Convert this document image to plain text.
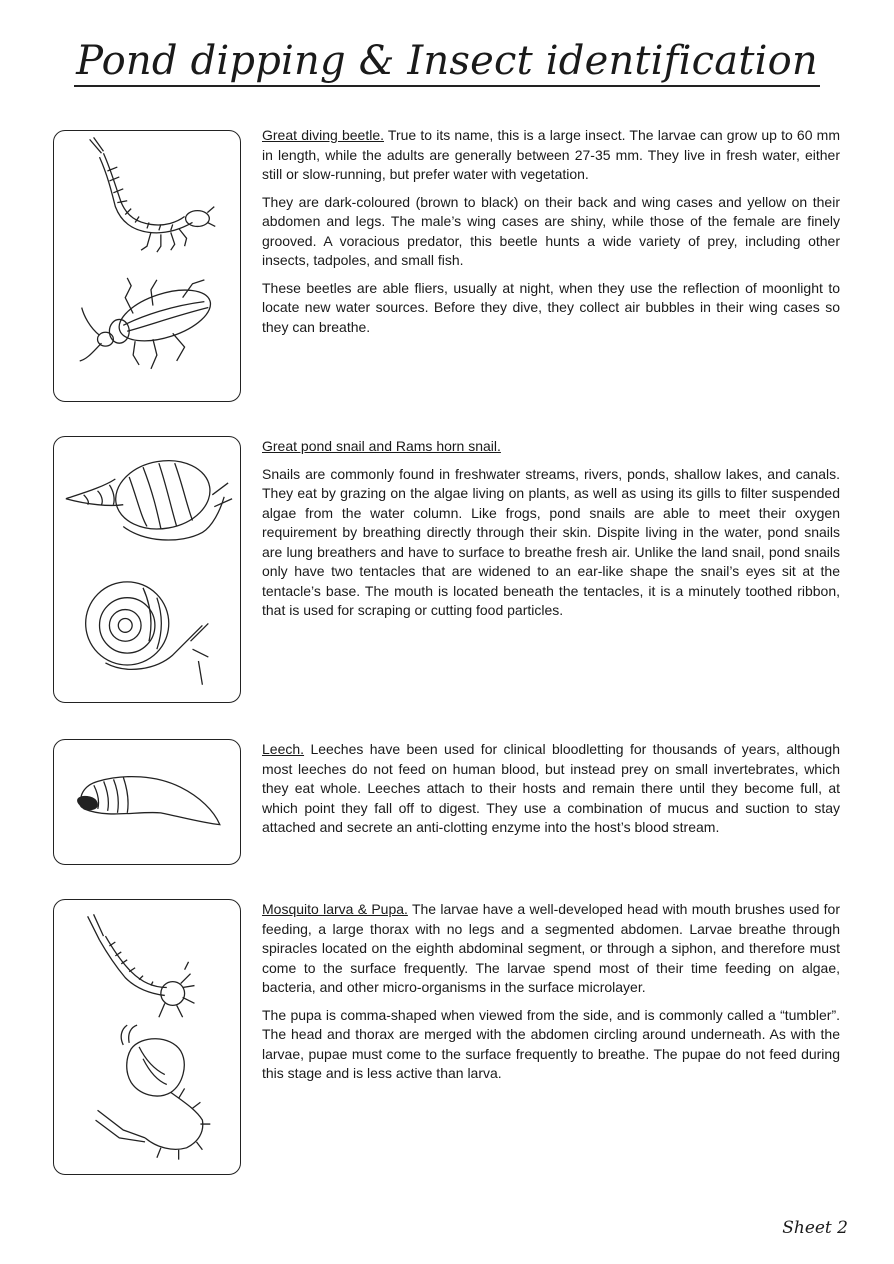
Pond dipping & Insect identification

Great diving beetle. True to its name, this is a large insect. The larvae can grow up to 60 mm in length, while the adults are generally between 27-35 mm. They live in fresh water, either still or slow-running, but prefer water with vegetation.

They are dark-coloured (brown to black) on their back and wing cases and yellow on their abdomen and legs. The male’s wing cases are shiny, while those of the female are finely grooved. A voracious predator, this beetle hunts a wide variety of prey, including other insects, tadpoles, and small fish.

These beetles are able fliers, usually at night, when they use the reflection of moonlight to locate new water sources. Before they dive, they collect air bubbles in their wing cases so they can breathe.

Great pond snail and Rams horn snail.

Snails are commonly found in freshwater streams, rivers, ponds, shallow lakes, and canals. They eat by grazing on the algae living on plants, as well as using its gills to filter suspended algae from the water column. Like frogs, pond snails are able to meet their oxygen requirement by breathing directly through their skin. Dispite living in the water, pond snails are lung breathers and have to surface to breathe fresh air. Unlike the land snail, pond snails only have two tentacles that are widened to an ear-like shape the snail’s eyes sit at the tentacle’s base. The mouth is located beneath the tentacles, it is a minutely toothed ribbon, that is used for scraping or cutting food particles.

Leech. Leeches have been used for clinical bloodletting for thousands of years, although most leeches do not feed on human blood, but instead prey on small invertebrates, which they eat whole. Leeches attach to their hosts and remain there until they become full, at which point they fall off to digest. They use a combination of mucus and suction to stay attached and secrete an anti-clotting enzyme into the host’s blood stream.

Mosquito larva & Pupa. The larvae have a well-developed head with mouth brushes used for feeding, a large thorax with no legs and a segmented abdomen. Larvae breathe through spiracles located on the eighth abdominal segment, or through a siphon, and therefore must come to the surface frequently. The larvae spend most of their time feeding on algae, bacteria, and other micro-organisms in the surface microlayer.

The pupa is comma-shaped when viewed from the side, and is commonly called a “tumbler”. The head and thorax are merged with the abdomen circling around underneath. As with the larvae, pupae must come to the surface frequently to breathe. The pupae do not feed during this stage and is less active than larva.

Sheet 2
